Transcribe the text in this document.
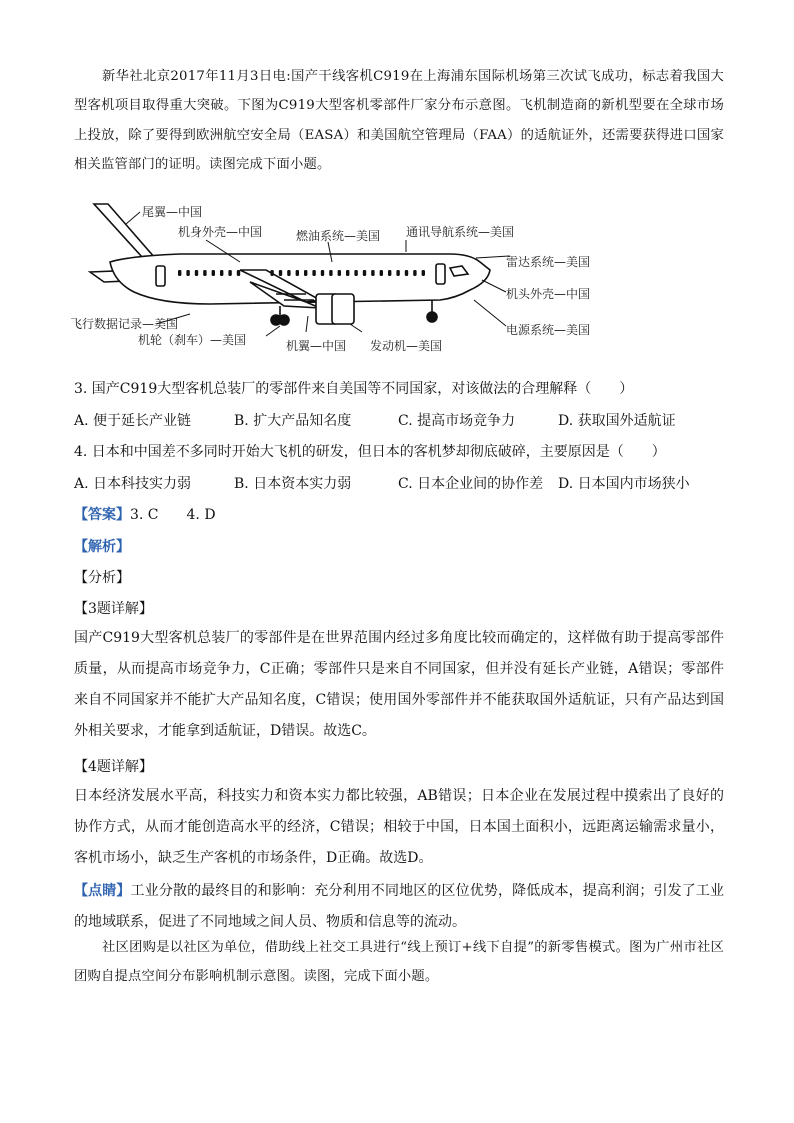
新华社北京2017年11月3日电:国产干线客机C919在上海浦东国际机场第三次试飞成功，标志着我国大型客机项目取得重大突破。下图为C919大型客机零部件厂家分布示意图。飞机制造商的新机型要在全球市场上投放，除了要得到欧洲航空安全局（EASA）和美国航空管理局（FAA）的适航证外，还需要获得进口国家相关监管部门的证明。读图完成下面小题。

尾翼—中国
机身外壳—中国	燃油系统—美国 通讯导航系统—美国
雷达系统—美国
机头外壳—中国
电源系统—美国
飞行数据记录—美国
机轮（刹车）—美国	机翼—中国 发动机—美国

3. 国产C919大型客机总装厂的零部件来自美国等不同国家，对该做法的合理解释（　　）

A. 便于延长产业链	B. 扩大产品知名度	C. 提高市场竞争力	D. 获取国外适航证

4. 日本和中国差不多同时开始大飞机的研发，但日本的客机梦却彻底破碎，主要原因是（　　）

A. 日本科技实力弱	B. 日本资本实力弱	C. 日本企业间的协作差 D. 日本国内市场狭小
【答案】3. C　　4. D
【解析】
【分析】
【3题详解】

国产C919大型客机总装厂的零部件是在世界范围内经过多角度比较而确定的，这样做有助于提高零部件质量，从而提高市场竞争力，C正确；零部件只是来自不同国家，但并没有延长产业链，A错误；零部件来自不同国家并不能扩大产品知名度，C错误；使用国外零部件并不能获取国外适航证，只有产品达到国外相关要求，才能拿到适航证，D错误。故选C。

【4题详解】

日本经济发展水平高，科技实力和资本实力都比较强，AB错误；日本企业在发展过程中摸索出了良好的协作方式，从而才能创造高水平的经济，C错误；相较于中国，日本国土面积小，远距离运输需求量小，客机市场小，缺乏生产客机的市场条件，D正确。故选D。

【点睛】工业分散的最终目的和影响：充分利用不同地区的区位优势，降低成本，提高利润；引发了工业的地域联系，促进了不同地域之间人员、物质和信息等的流动。

社区团购是以社区为单位，借助线上社交工具进行“线上预订+线下自提”的新零售模式。图为广州市社区团购自提点空间分布影响机制示意图。读图，完成下面小题。
